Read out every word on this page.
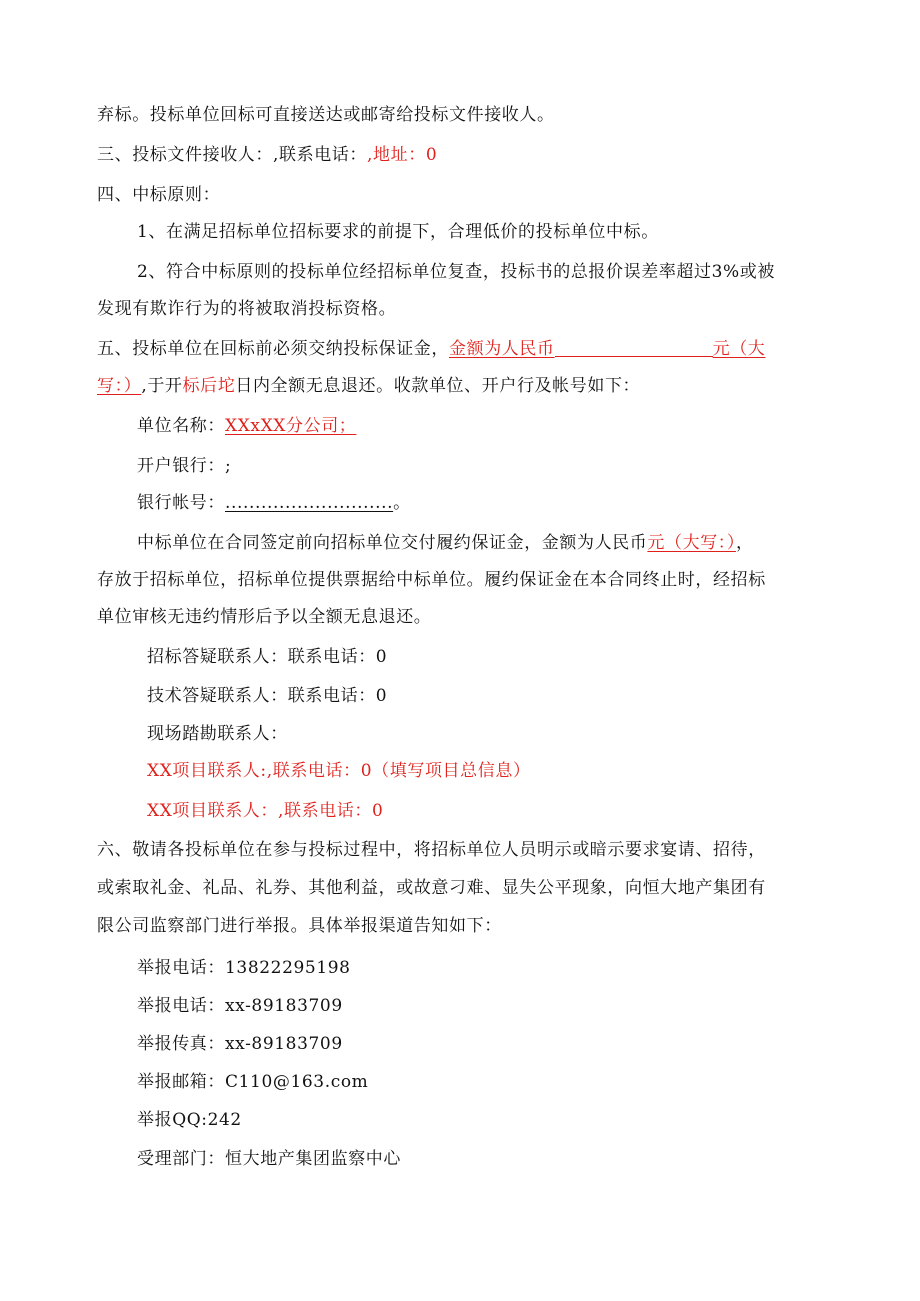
弃标。投标单位回标可直接送达或邮寄给投标文件接收人。
三、投标文件接收人：,联系电话：,地址：0
四、中标原则：
1、在满足招标单位招标要求的前提下，合理低价的投标单位中标。
2、符合中标原则的投标单位经招标单位复查，投标书的总报价误差率超过3%或被
发现有欺诈行为的将被取消投标资格。
五、投标单位在回标前必须交纳投标保证金，金额为人民币	元（大
写：）,于开标后坨日内全额无息退还。收款单位、开户行及帐号如下：
单位名称：XXxXX分公司；
开户银行：;
银行帐号：............................。
中标单位在合同签定前向招标单位交付履约保证金，金额为人民币元（大写：），
存放于招标单位，招标单位提供票据给中标单位。履约保证金在本合同终止时，经招标
单位审核无违约情形后予以全额无息退还。
招标答疑联系人：联系电话：0
技术答疑联系人：联系电话：0
现场踏勘联系人：
XX项目联系人:,联系电话：0（填写项目总信息）
XX项目联系人：,联系电话：0
六、敬请各投标单位在参与投标过程中，将招标单位人员明示或暗示要求宴请、招待，
或索取礼金、礼品、礼券、其他利益，或故意刁难、显失公平现象，向恒大地产集团有
限公司监察部门进行举报。具体举报渠道告知如下：
举报电话：13822295198
举报电话：xx-89183709
举报传真：xx-89183709
举报邮箱：C110@163.com
举报QQ:242
受理部门：恒大地产集团监察中心
